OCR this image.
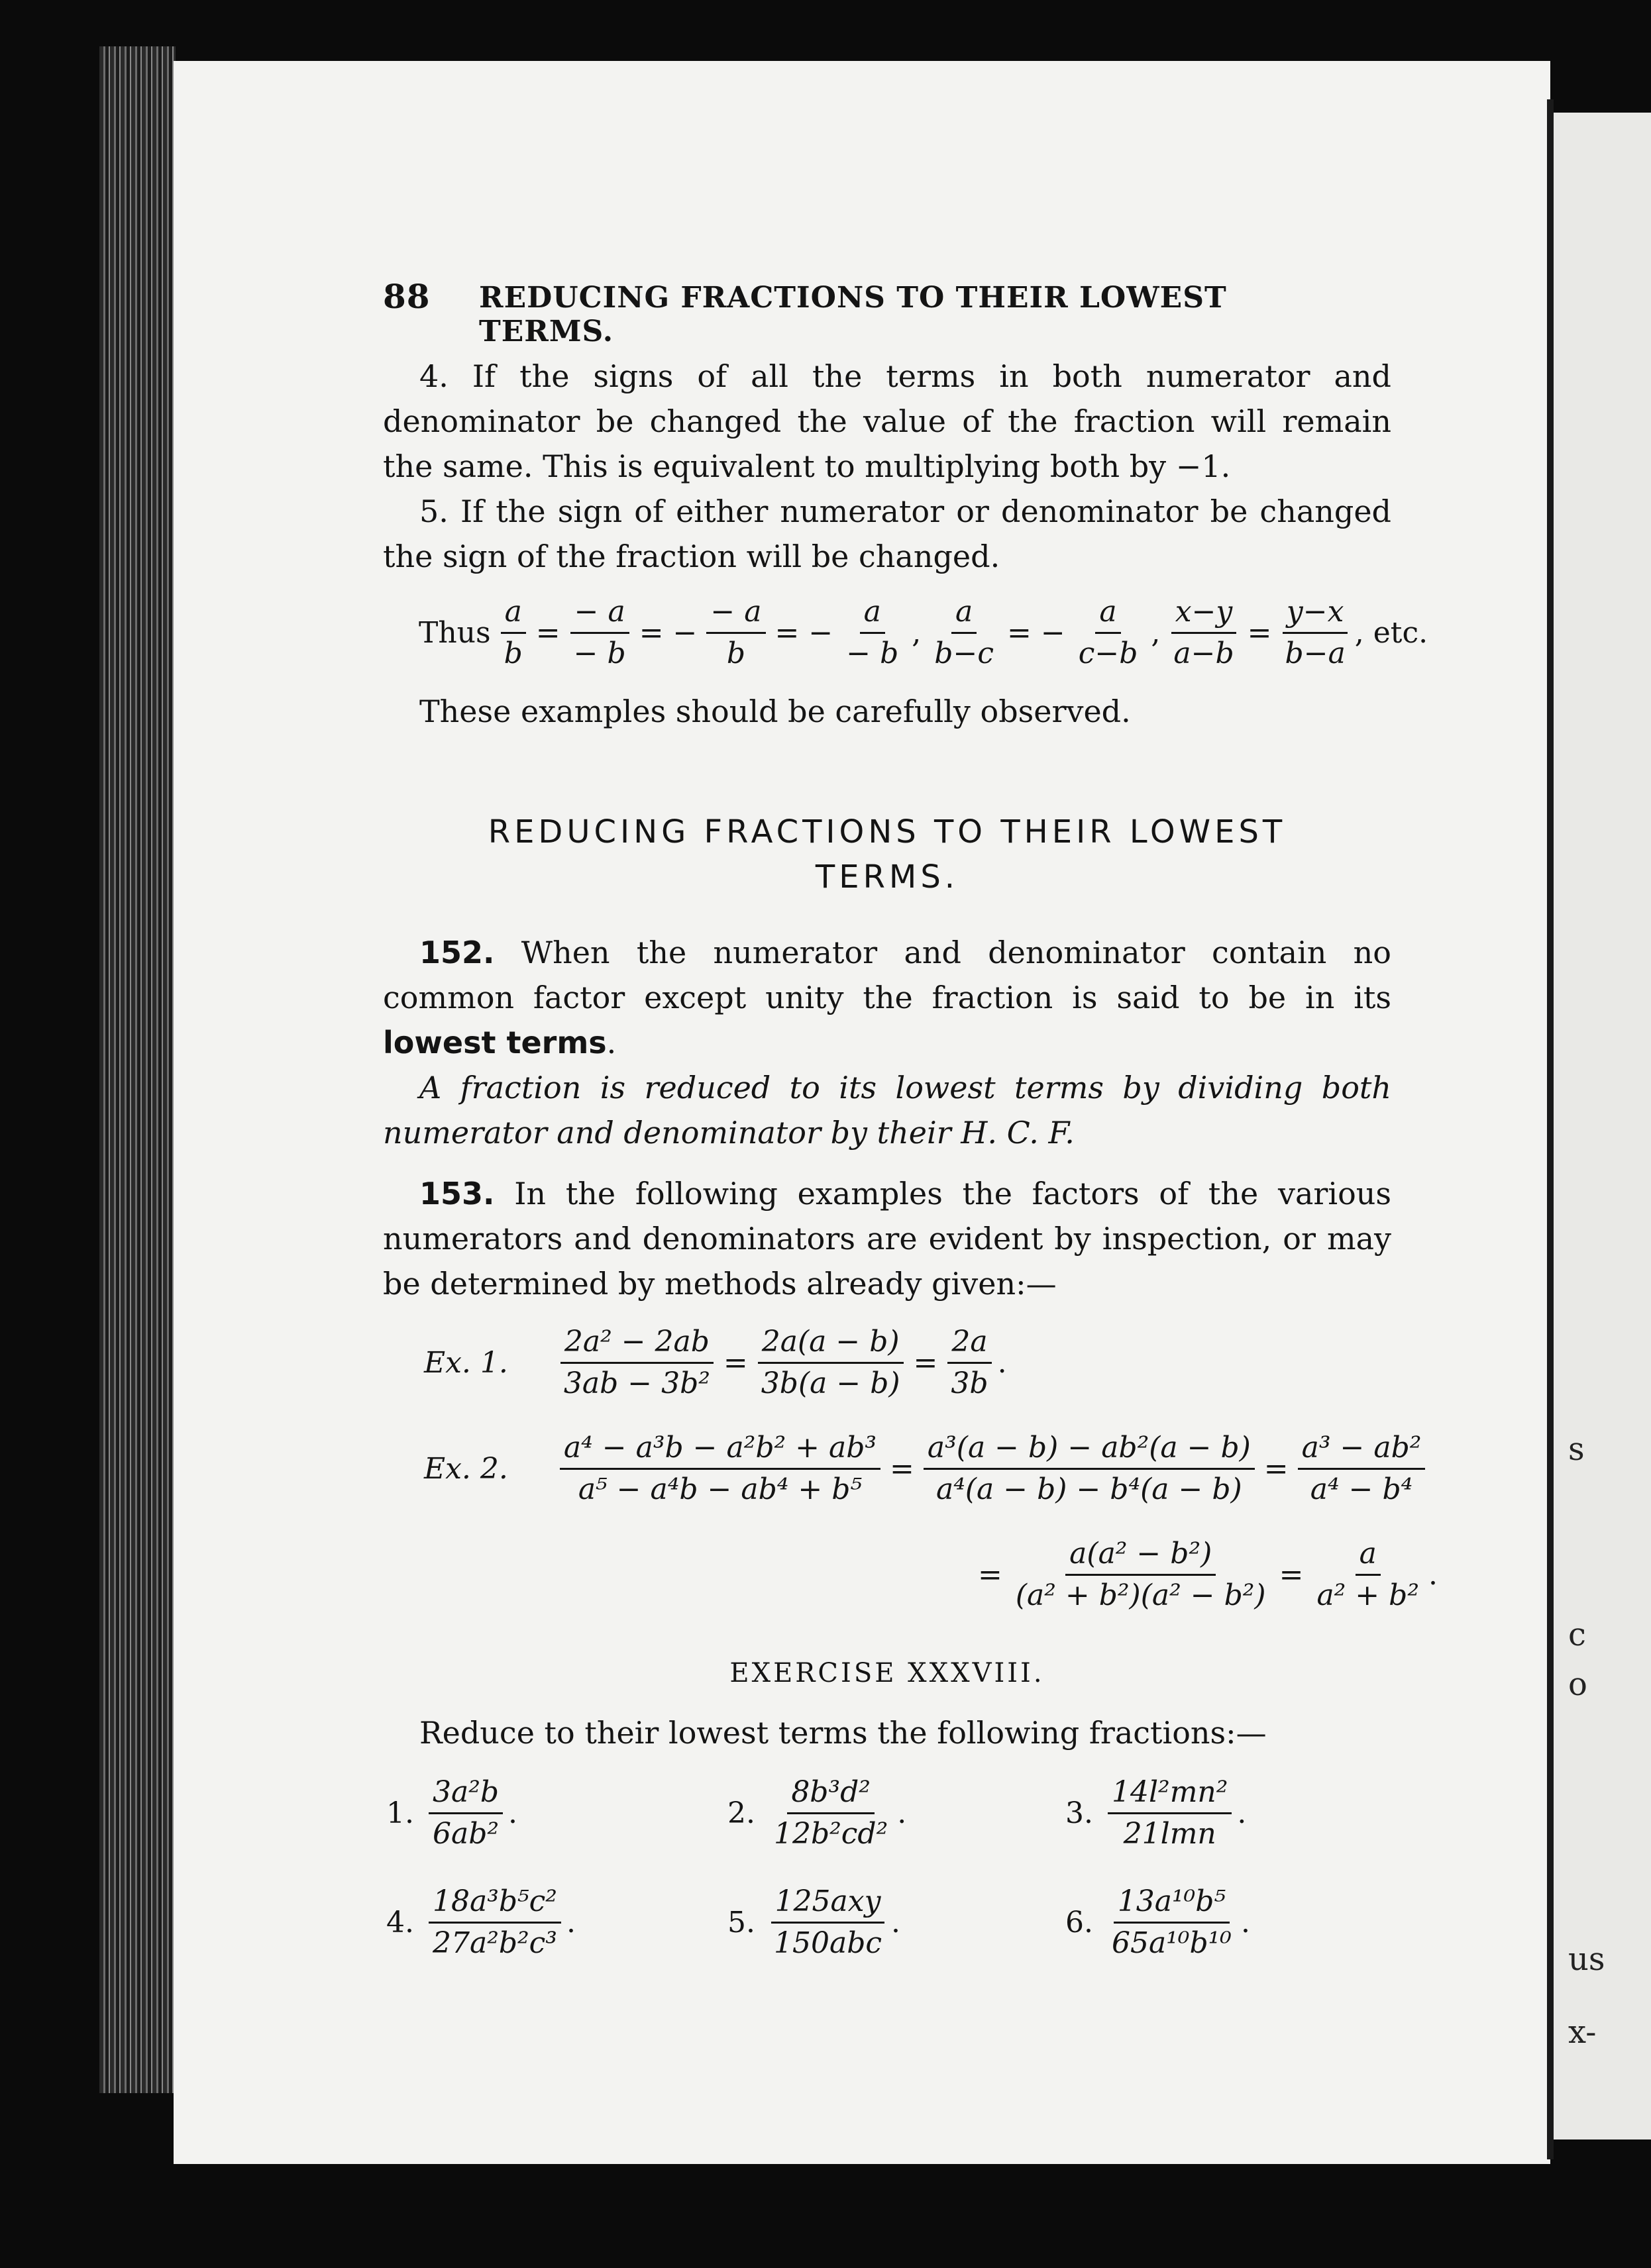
s
c
o
us
x-
88 REDUCING FRACTIONS TO THEIR LOWEST TERMS.

4. If the signs of all the terms in both numerator and denominator be changed the value of the fraction will remain the same. This is equivalent to multiplying both by −1.

5. If the sign of either numerator or denominator be changed the sign of the fraction will be changed.

Thus $\frac{a}{b} = \frac{- a}{- b}$ = − $\frac{- a}{b}$ = − $\frac{a}{- b}$ , $\frac{a}{b-c}$ = − $\frac{a}{c-b}$ , $\frac{x-y}{a-b} = \frac{y-x}{b-a}$ , etc.

These examples should be carefully observed.

REDUCING FRACTIONS TO THEIR LOWEST
TERMS.

152. When the numerator and denominator contain no common factor except unity the fraction is said to be in its lowest terms.

A fraction is reduced to its lowest terms by dividing both numerator and denominator by their H. C. F.

153. In the following examples the factors of the various numerators and denominators are evident by inspection, or may be determined by methods already given:—

Ex. 1. $\frac{\text{2a² − 2ab}}{\text{3ab − 3b²}} = \frac{2a(a - b)}{3b(a - b)} = \frac{2a}{3b}$ .
Ex. 2. $\frac{\text{a⁴ − a³b − a²b² + ab³}}{\text{a⁵ − a⁴b − ab⁴ + b⁵}} = \frac{\text{a³(a − b) − ab²(a − b)}}{\text{a⁴(a − b) − b⁴(a − b)}} = \frac{\text{a³ − ab²}}{\text{a⁴ − b⁴}}$
= $\frac{\text{a(a² − b²)}}{\text{(a² + b²)(a² − b²)}} = \frac{a}{\text{a² + b²}}$ .
EXERCISE XXXVIII.

Reduce to their lowest terms the following fractions:—

1. $\frac{\text{3a²b}}{\text{6ab²}}$ .	2. $\frac{\text{8b³d²}}{\text{12b²cd²}}$ .	3. $\frac{\text{14l²mn²}}{\text{21lmn}}$ .
4. $\frac{\text{18a³b⁵c²}}{\text{27a²b²c³}}$ .	5. $\frac{\text{125axy}}{\text{150abc}}$ .	6. $\frac{\text{13a¹⁰b⁵}}{\text{65a¹⁰b¹⁰}}$ .
